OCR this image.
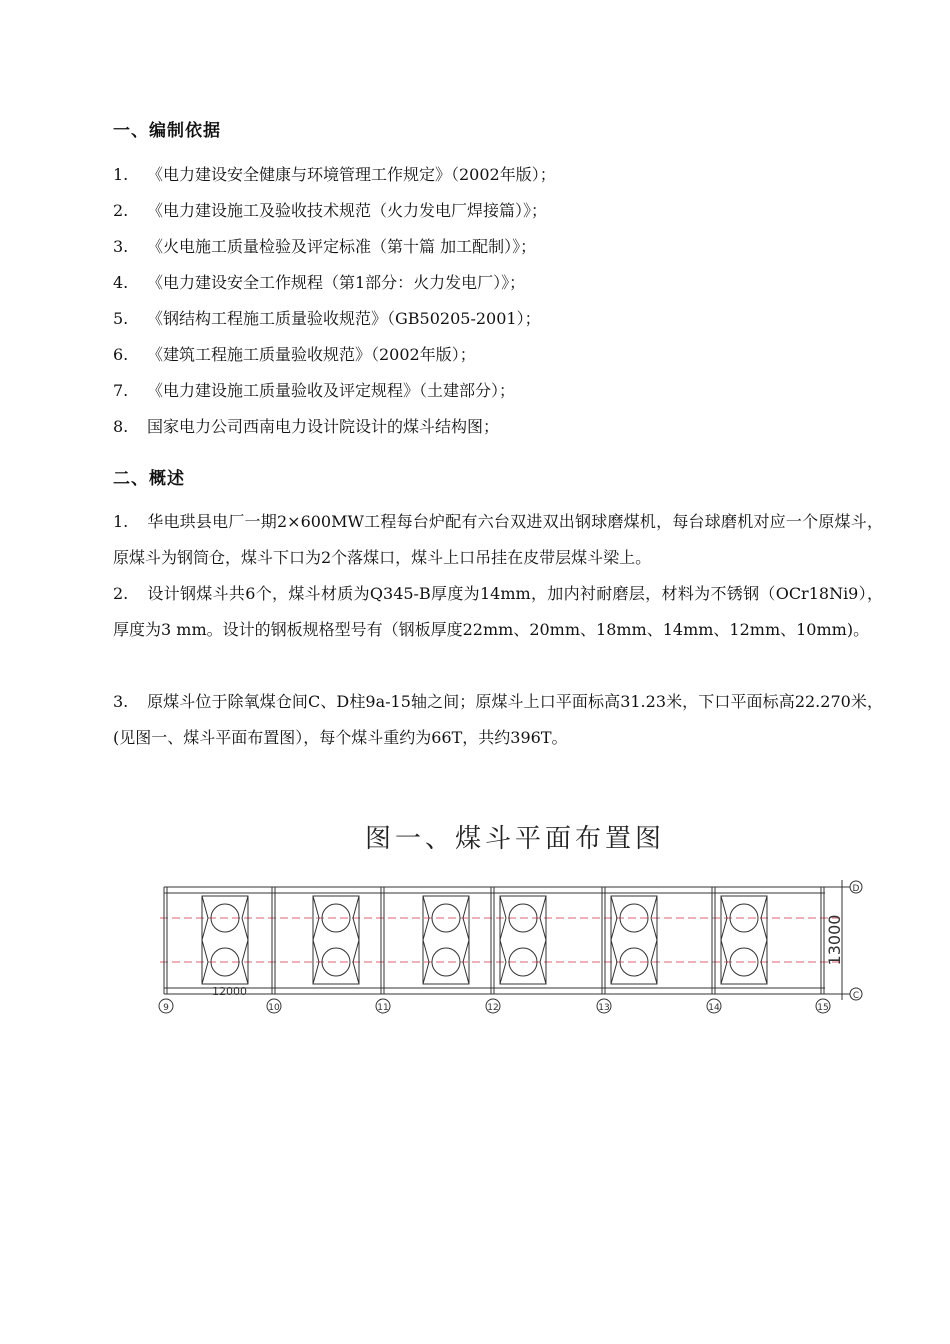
一、编制依据
1. 《电力建设安全健康与环境管理工作规定》（2002年版）；
2. 《电力建设施工及验收技术规范（火力发电厂焊接篇）》；
3. 《火电施工质量检验及评定标准（第十篇 加工配制）》；
4. 《电力建设安全工作规程（第1部分：火力发电厂）》；
5. 《钢结构工程施工质量验收规范》（GB50205-2001）；
6. 《建筑工程施工质量验收规范》（2002年版）；
7. 《电力建设施工质量验收及评定规程》（土建部分）；
8. 国家电力公司西南电力设计院设计的煤斗结构图；
二、概述
1. 华电珙县电厂一期2×600MW工程每台炉配有六台双进双出钢球磨煤机，每台球磨机对应一个原煤斗，原煤斗为钢筒仓，煤斗下口为2个落煤口，煤斗上口吊挂在皮带层煤斗梁上。
2. 设计钢煤斗共6个，煤斗材质为Q345-B厚度为14mm，加内衬耐磨层，材料为不锈钢（OCr18Ni9），厚度为3 mm。设计的钢板规格型号有（钢板厚度22mm、20mm、18mm、14mm、12mm、10mm)。
3. 原煤斗位于除氧煤仓间C、D柱9a-15轴之间；原煤斗上口平面标高31.23米，下口平面标高22.270米，(见图一、煤斗平面布置图），每个煤斗重约为66T，共约396T。
图一、煤斗平面布置图
9	10	11	12	13	14	15
12000
13000
D
C
